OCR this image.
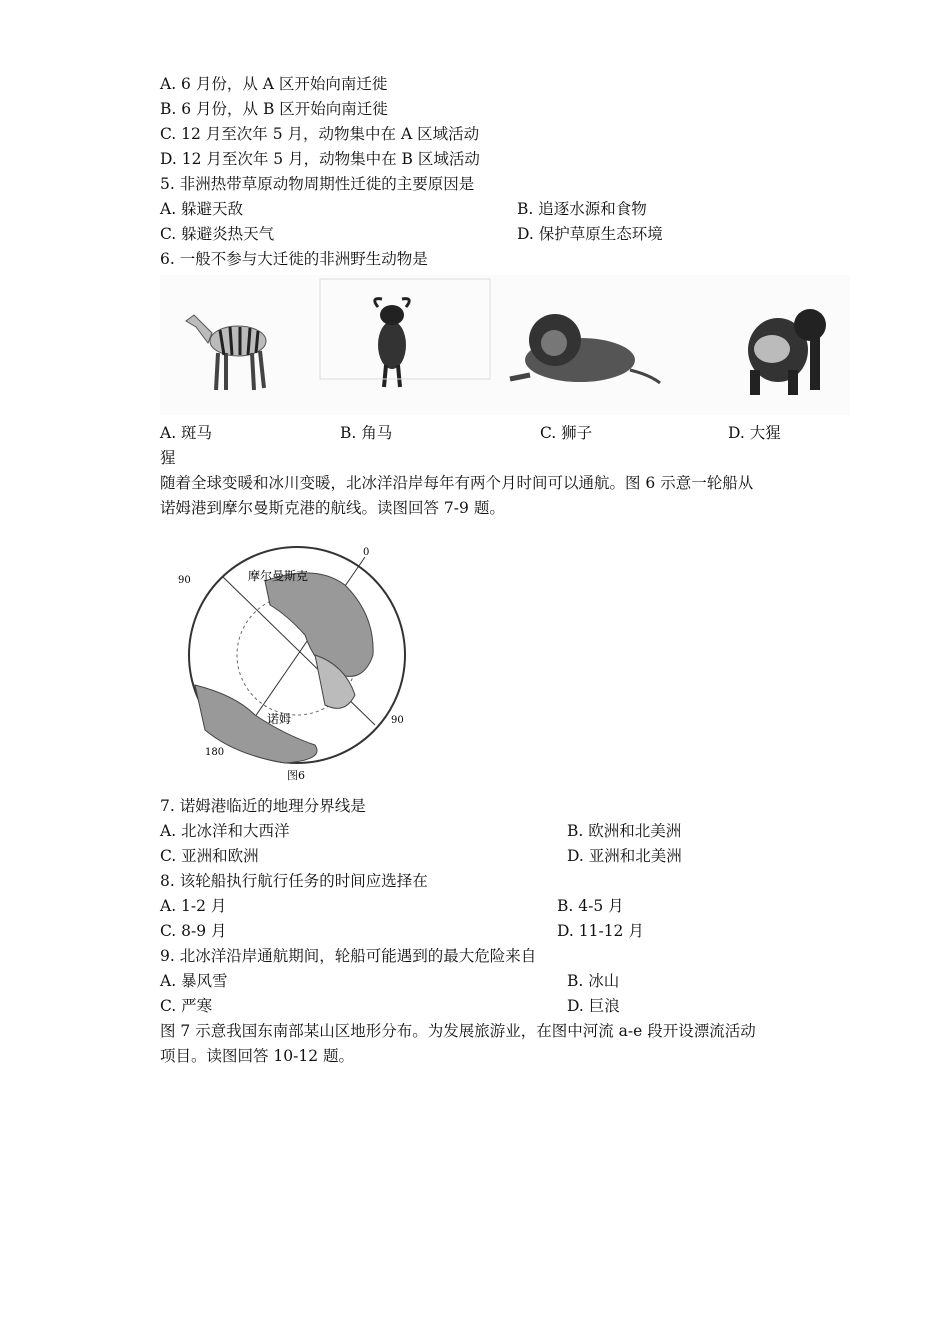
A. 6 月份，从 A 区开始向南迁徙
B. 6 月份，从 B 区开始向南迁徙
C. 12 月至次年 5 月，动物集中在 A 区域活动
D. 12 月至次年 5 月，动物集中在 B 区域活动
5. 非洲热带草原动物周期性迁徙的主要原因是
A. 躲避天敌	B. 追逐水源和食物
C. 躲避炎热天气	D. 保护草原生态环境
6. 一般不参与大迁徙的非洲野生动物是
A. 斑马	B. 角马	C. 狮子	D. 大猩
猩
随着全球变暖和冰川变暖，北冰洋沿岸每年有两个月时间可以通航。图 6 示意一轮船从
诺姆港到摩尔曼斯克港的航线。读图回答 7-9 题。
摩尔曼斯克
诺姆
0
90
90
180
图6
7. 诺姆港临近的地理分界线是
A. 北冰洋和大西洋	B. 欧洲和北美洲
C. 亚洲和欧洲	D. 亚洲和北美洲
8. 该轮船执行航行任务的时间应选择在
A. 1-2 月	B. 4-5 月
C. 8-9 月	D. 11-12 月
9. 北冰洋沿岸通航期间，轮船可能遇到的最大危险来自
A. 暴风雪	B. 冰山
C. 严寒	D. 巨浪
图 7 示意我国东南部某山区地形分布。为发展旅游业，在图中河流 a-e 段开设漂流活动
项目。读图回答 10-12 题。
